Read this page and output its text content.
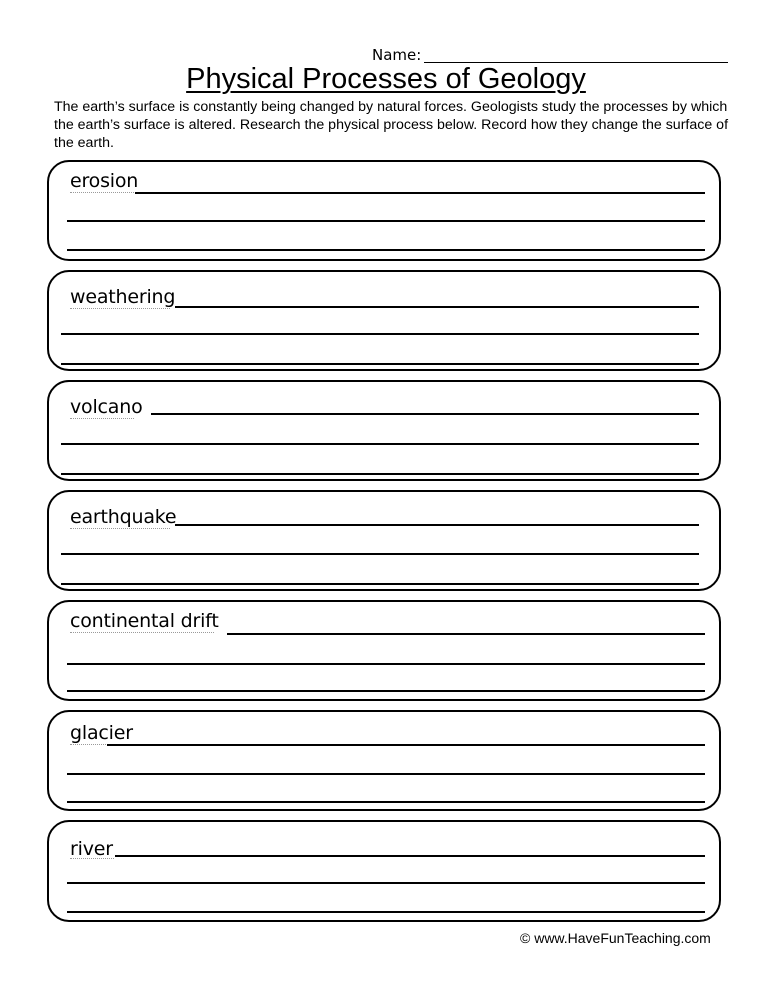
Name:
Physical Processes of Geology
The earth’s surface is constantly being changed by natural forces. Geologists study the processes by which the earth’s surface is altered. Research the physical process below. Record how they change the surface of the earth.
erosion
weathering
volcano
earthquake
continental drift
glacier
river
© www.HaveFunTeaching.com
